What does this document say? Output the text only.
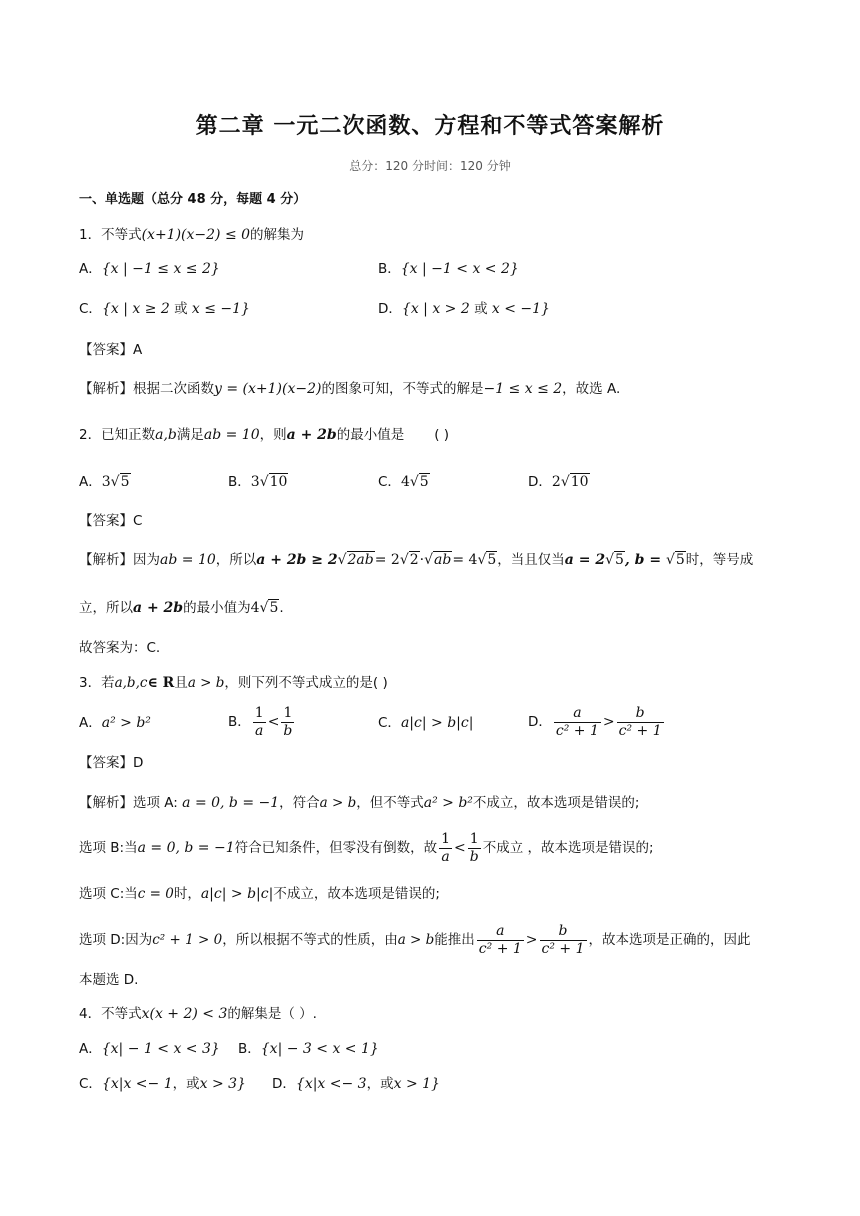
第二章 一元二次函数、方程和不等式答案解析
总分：120 分时间：120 分钟
一、单选题（总分 48 分，每题 4 分）
1．不等式(x+1)(x−2) ≤ 0的解集为
A．{x | −1 ≤ x ≤ 2}	B．{x | −1 < x < 2}
C．{x | x ≥ 2 或 x ≤ −1}	D．{x | x > 2 或 x < −1}
【答案】A
【解析】根据二次函数y = (x+1)(x−2)的图象可知，不等式的解是−1 ≤ x ≤ 2，故选 A.
2．已知正数a,b满足ab = 10，则a + 2b的最小值是 ( )
A．3√5	B．3√10	C．4√5	D．2√10
【答案】C
【解析】因为ab = 10，所以a + 2b ≥ 2√2ab= 2√2·√ab= 4√5，当且仅当a = 2√5, b = √5时，等号成
立，所以a + 2b的最小值为4√5.
故答案为：C.
3．若a,b,c∈ R且a > b，则下列不等式成立的是( )
A．a² > b²	B． $\frac{1}{a} < \frac{1}{b}$	C．a|c| > b|c|	D． $\frac{a}{\text{c² + 1}} > \frac{b}{\text{c² + 1}}$
【答案】D
【解析】选项 A: a = 0, b = −1，符合a > b，但不等式a² > b²不成立，故本选项是错误的;
选项 B:当a = 0, b = −1符合已知条件，但零没有倒数，故 $\frac{1}{a} < \frac{1}{b}$ 不成立 ，故本选项是错误的;
选项 C:当c = 0时，a|c| > b|c|不成立，故本选项是错误的;
选项 D:因为c² + 1 > 0，所以根据不等式的性质，由a > b能推出 $\frac{a}{\text{c² + 1}} > \frac{b}{\text{c² + 1}}$ ，故本选项是正确的，因此
本题选 D.
4．不等式x(x + 2) < 3的解集是（ ）.
A．{x| − 1 < x < 3} B．{x| − 3 < x < 1}
C．{x|x <− 1，或x > 3} D．{x|x <− 3，或x > 1}
